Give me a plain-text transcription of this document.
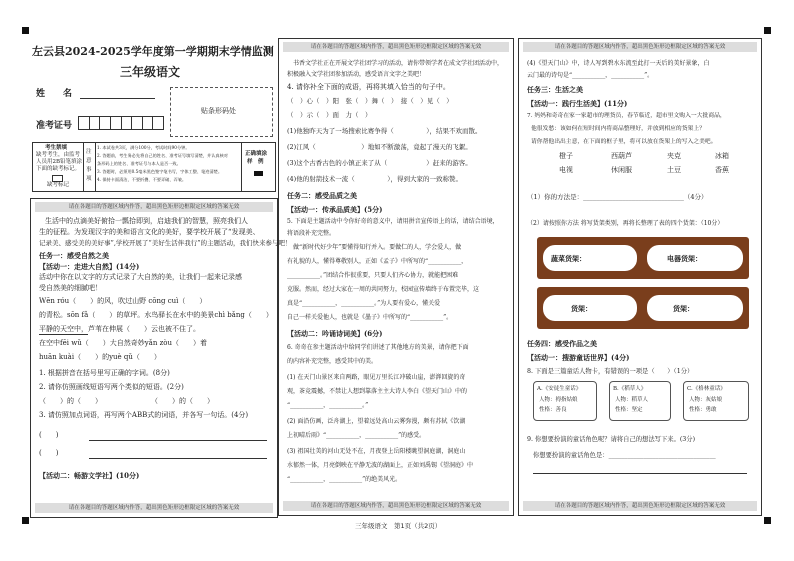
左云县2024-2025学年度第一学期期末学情监测
三年级语文
姓　　名
准考证号
贴条形码处
考生禁填
缺考考生，由监考
人员用2B铅笔填涂
下面的缺考标记。
缺考标记
注
意
事
项
1. 本试卷共3页，满分100分，考试时间90分钟。
2. 答题前，考生务必先将自己的姓名、准考证号填写清楚，并认真核对
条形码上的姓名、准考证号与本人是否一致。
3. 答题时，必须用0.5毫米黑色签字笔书写，字体工整、笔迹清楚。
4. 保持卡面清洁，不要折叠、不要弄破、弄皱。
正确填涂
样　例
请在各题目的答题区域内作答，超出黑色矩形边框限定区域的答案无效
生活中的点滴美好俯拾一瓢拾即到，启迪我们的智慧，照亮我们人
生的征程。为发现汉字的美和语言文化的美好，要学校开展了“发现美、
记录美、感受美的美好事”,学校开展了“美好生活伴我行”的主题活动，我们快来参与吧！
任务一：感受自然之美
【活动一：走进大自然】(14分)
活动中你在以文字的方式记录了大自然的美，让我们一起来记录感
受自然美的细腻吧！
Wēn róu（　　）的风，吹过山野 cōng cuì（　　）
的青松。sōn fǎ（　　）的草坪。水鸟驿长在水中的美景chì bǎng（　　）
平静的天空中，芦苇在伸展（　　）云也被不住了。
在空中fēi wǔ（　　）大自然奇妙yǎn zòu（　　）着
huān kuài（　　）的yuè qǔ（　　）
1. 根据拼音在括号里写正确的字词。(8分)
2. 请你仿照画线短语写两个类似的短语。(2分)
（　　）的（　　）	（　　）的（　　）
3. 请仿照加点词语，再写两个ABB式的词语，并各写一句话。(4分)
(　　)
(　　)
【活动二：畅游文学社】(10分)
请在各题目的答题区域内作答，超出黑色矩形边框限定区域的答案无效
请在各题目的答题区域内作答，超出黑色矩形边框限定区域的答案无效
书香文学社正在开展文学社团学习的活动，请你带领学者在成文学社团活动中，
积极融入文学社团参加活动，感受语言文字之美吧！
4. 请你补全下面的成语，再将其填入恰当的句子中。
（　）心（　）阳　 张（　）舞（　）　 接（　）见（　）
（　）示（　）面　 力（　）
(1)他独昨天为了一场搜索比赛争得（　　　　　），结果不欢而散。
(2)江风（　　　　　　　）地如不断激荡，竟起了漫天的飞絮。
(3)这个古香古色的小镇正来了从（　　　　　　）赶来的游客。
(4)他的射箭技术一流（　　　　　），得到大家的一致称赞。
任务二：感受品质之美
【活动一：传承品质美】(5分)
5. 下面是主题活动中令你好奇的意义中，请用拼音宣传语上的话，请结合语境，
将语段补充完整。
做“新时代好少年”要懂得知行并入。要做仁的人，学会爱人，做
有礼貌的人，懂得尊敬别人，正如《孟子》中所写的“___________，
___________。”团结合作很重要，只要人们齐心协力，就能把困难
克服。然而，经过大家在一周的共同努力，校园宣传墙终于布置完毕，这
真是“___________，___________。”为人要有爱心，懂关爱
自己一样关爱他人，也就是《墨子》中所写的“___________”。
【活动二：吟诵诗词美】(6分)
6. 奇奇在参主题活动中给同学们讲述了其他地方的美景，请你把下面
的内容补充完整，感受其中的美。
(1) 在天门山景区来自两路，眼见万里长江冲破山崖，澎湃回旋的奇
观，茶竞震撼，不禁让人想到靠落主主大诗人李白《望天门山》中的
“___________，___________。”
(2) 面沿仿画，泛舟湖上，望着远处高山云雾弥漫，颇有苏轼《饮湖
上初晴后雨》“___________，___________”的感受。
(3) 祖国壮美的河山无处不在，月夜登上岳阳楼眺望洞庭湖，洞庭山
水郁然一体，月亮倒映在平静无波的湖面上，正如刘禹锡《望洞庭》中
“___________，___________”的绝美风光。
请在各题目的答题区域内作答，超出黑色矩形边框限定区域的答案无效
请在各题目的答题区域内作答，超出黑色矩形边框限定区域的答案无效
(4)《望天门山》中，诗人写到碧水东流至此打一天后的美好景象，白
云门最的诗句是“___________，___________”。
任务三：生活之美
【活动一：践行生活美】(11分)
7. 妈妈和奇奇在家一家超市的理货员，春节临近，超市里文购入一大批商品，
他很发愁：该如何在短时间内将商品整理好，并放到相应的货架上？
请你帮他出出主意，在下面的框子里，将可以放在货架上的写入之美吧。
橙子	西葫芦	夹克	冰箱
电视	休闲服	土豆	香蕉
（1）你的方法是：_______________________________（4分）
（2）请按照你方法 将写货架类别，再将长整理了表的四个货架：（10分）
蔬菜货架：	电器货架：
货架：	货架：
任务四：感受作品之美
【活动一：搜游童话世界】(4分)
8. 下面是三篇童话人物卡，有错误的一项是（　　）（1分）
A.《安徒生童话》
人物：拇指姑娘
性格：善良
B.《稻草人》
人物：稻草人
性格：坚定
C.《格林童话》
人物：灰姑娘
性格：勇敢
9. 你想要扮演的童话角色呢？请将自己的想法写下来。(3分)
你想要扮演的童话角色是：__________________________________
请在各题目的答题区域内作答，超出黑色矩形边框限定区域的答案无效
三年级语文　第1页（共2页）
